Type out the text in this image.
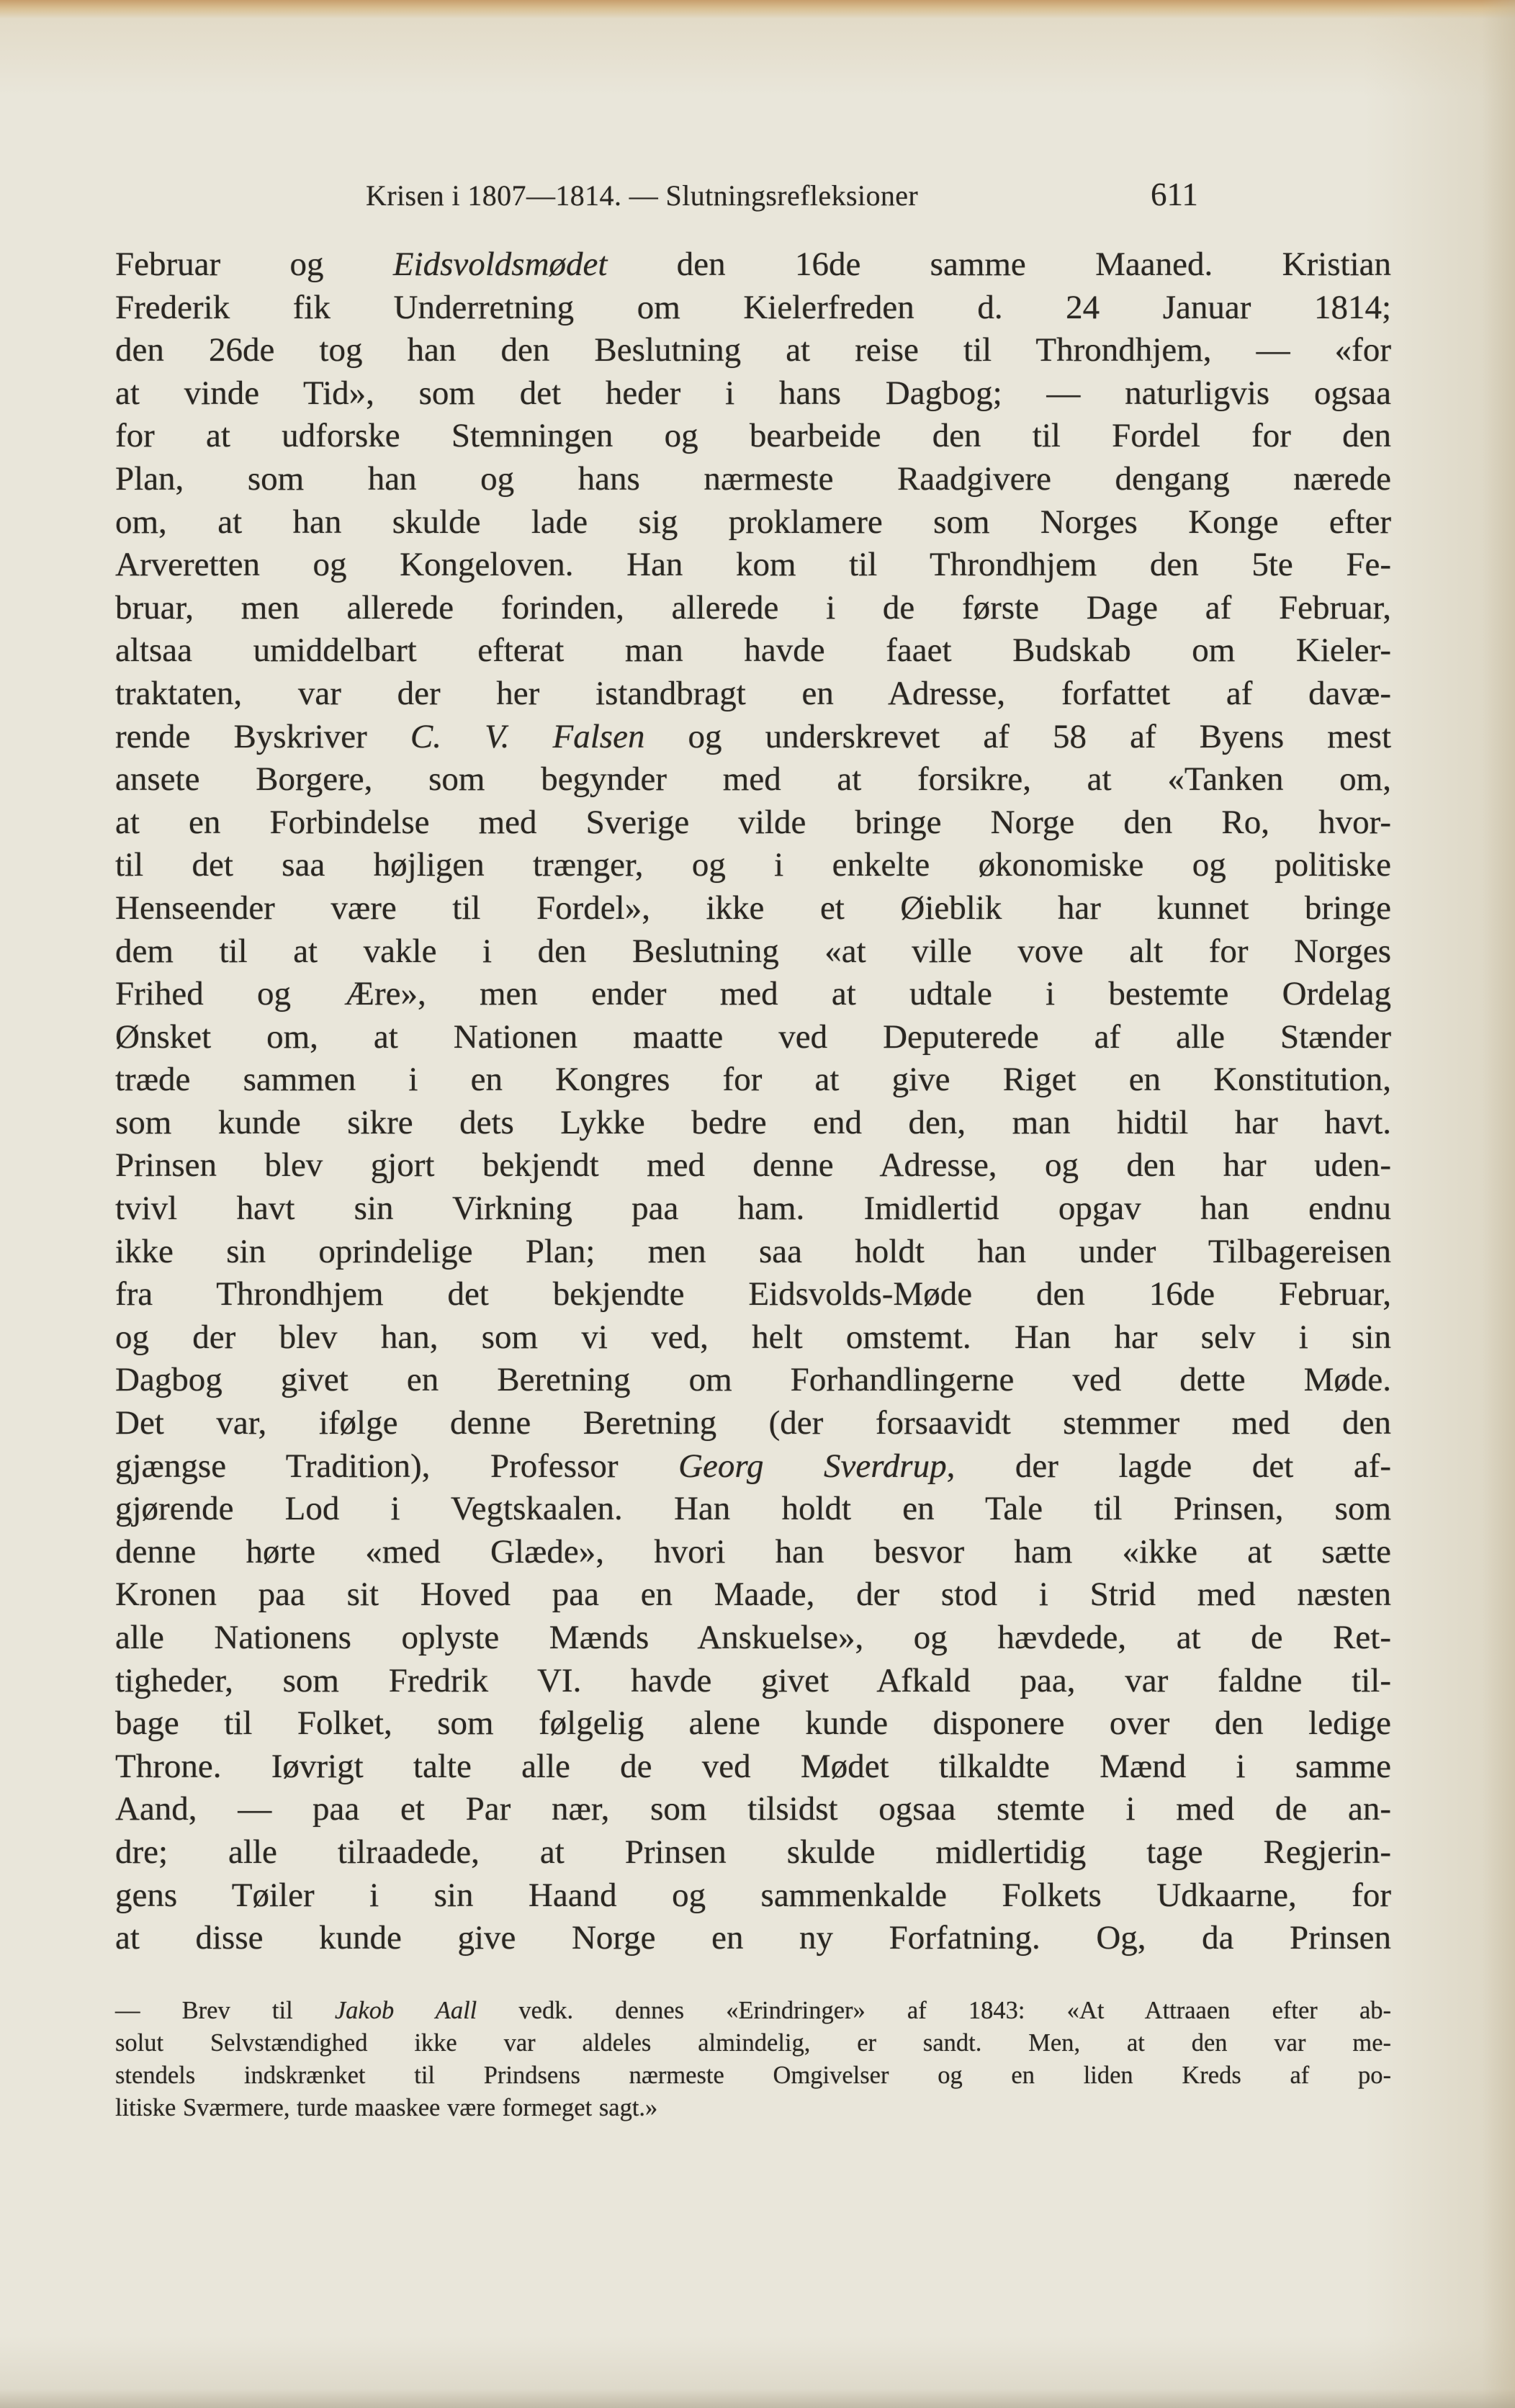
Krisen i 1807—1814. — Slutningsrefleksioner	611
Februar og Eidsvoldsmødet den 16de samme Maaned. Kristian
Frederik fik Underretning om Kielerfreden d. 24 Januar 1814;
den 26de tog han den Beslutning at reise til Throndhjem, — «for
at vinde Tid», som det heder i hans Dagbog; — naturligvis ogsaa
for at udforske Stemningen og bearbeide den til Fordel for den
Plan, som han og hans nærmeste Raadgivere dengang nærede
om, at han skulde lade sig proklamere som Norges Konge efter
Arveretten og Kongeloven. Han kom til Throndhjem den 5te Fe-
bruar, men allerede forinden, allerede i de første Dage af Februar,
altsaa umiddelbart efterat man havde faaet Budskab om Kieler-
traktaten, var der her istandbragt en Adresse, forfattet af davæ-
rende Byskriver C. V. Falsen og underskrevet af 58 af Byens mest
ansete Borgere, som begynder med at forsikre, at «Tanken om,
at en Forbindelse med Sverige vilde bringe Norge den Ro, hvor-
til det saa højligen trænger, og i enkelte økonomiske og politiske
Henseender være til Fordel», ikke et Øieblik har kunnet bringe
dem til at vakle i den Beslutning «at ville vove alt for Norges
Frihed og Ære», men ender med at udtale i bestemte Ordelag
Ønsket om, at Nationen maatte ved Deputerede af alle Stænder
træde sammen i en Kongres for at give Riget en Konstitution,
som kunde sikre dets Lykke bedre end den, man hidtil har havt.
Prinsen blev gjort bekjendt med denne Adresse, og den har uden-
tvivl havt sin Virkning paa ham. Imidlertid opgav han endnu
ikke sin oprindelige Plan; men saa holdt han under Tilbagereisen
fra Throndhjem det bekjendte Eidsvolds-Møde den 16de Februar,
og der blev han, som vi ved, helt omstemt. Han har selv i sin
Dagbog givet en Beretning om Forhandlingerne ved dette Møde.
Det var, ifølge denne Beretning (der forsaavidt stemmer med den
gjængse Tradition), Professor Georg Sverdrup, der lagde det af-
gjørende Lod i Vegtskaalen. Han holdt en Tale til Prinsen, som
denne hørte «med Glæde», hvori han besvor ham «ikke at sætte
Kronen paa sit Hoved paa en Maade, der stod i Strid med næsten
alle Nationens oplyste Mænds Anskuelse», og hævdede, at de Ret-
tigheder, som Fredrik VI. havde givet Afkald paa, var faldne til-
bage til Folket, som følgelig alene kunde disponere over den ledige
Throne. Iøvrigt talte alle de ved Mødet tilkaldte Mænd i samme
Aand, — paa et Par nær, som tilsidst ogsaa stemte i med de an-
dre; alle tilraadede, at Prinsen skulde midlertidig tage Regjerin-
gens Tøiler i sin Haand og sammenkalde Folkets Udkaarne, for
at disse kunde give Norge en ny Forfatning. Og, da Prinsen
— Brev til Jakob Aall vedk. dennes «Erindringer» af 1843: «At Attraaen efter ab-
solut Selvstændighed ikke var aldeles almindelig, er sandt. Men, at den var me-
stendels indskrænket til Prindsens nærmeste Omgivelser og en liden Kreds af po-
litiske Sværmere, turde maaskee være formeget sagt.»
